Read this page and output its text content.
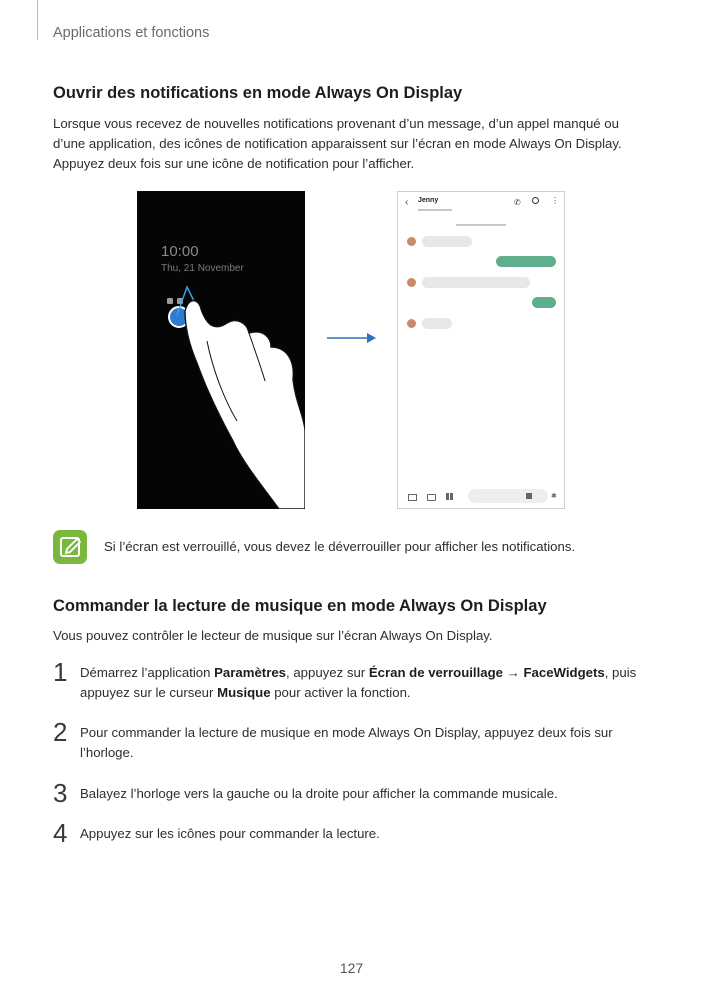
Applications et fonctions
Ouvrir des notifications en mode Always On Display
Lorsque vous recevez de nouvelles notifications provenant d’un message, d’un appel manqué ou
d’une application, des icônes de notification apparaissent sur l’écran en mode Always On Display.
Appuyez deux fois sur une icône de notification pour l’afficher.
10:00
Thu, 21 November
‹ Jenny	✆	⋮
✱
Si l’écran est verrouillé, vous devez le déverrouiller pour afficher les notifications.
Commander la lecture de musique en mode Always On Display
Vous pouvez contrôler le lecteur de musique sur l’écran Always On Display.
1 Démarrez l’application Paramètres, appuyez sur Écran de verrouillage → FaceWidgets, puis appuyez sur le curseur Musique pour activer la fonction.
2 Pour commander la lecture de musique en mode Always On Display, appuyez deux fois sur l’horloge.
3 Balayez l’horloge vers la gauche ou la droite pour afficher la commande musicale.
4 Appuyez sur les icônes pour commander la lecture.
127
